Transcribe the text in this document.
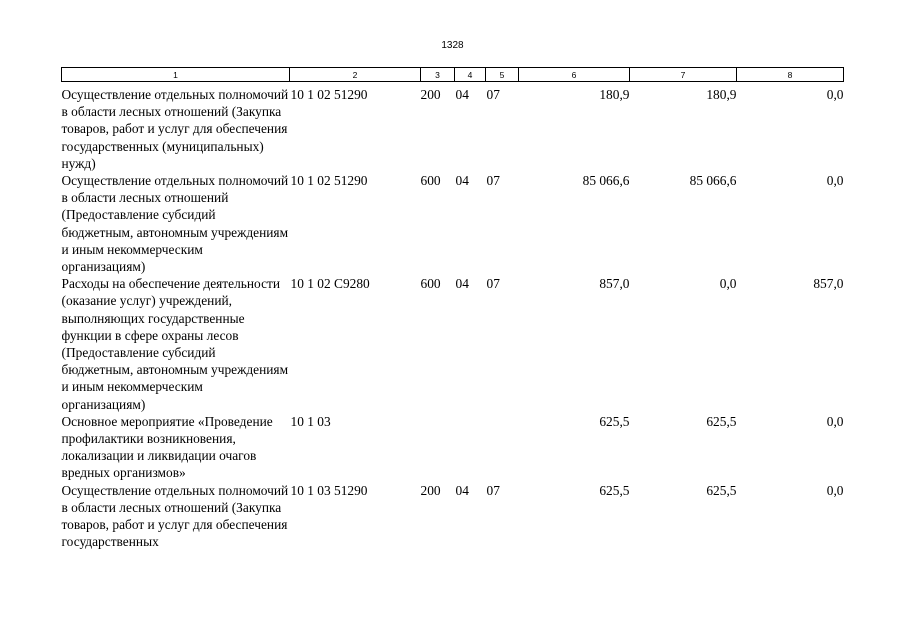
1328
1	2	3	4	5	6	7	8
Осуществление отдельных полномочий в области лесных отношений (Закупка товаров, работ и услуг для обеспечения государственных (муниципальных) нужд)	10 1 02 51290	200	04	07	180,9	180,9	0,0
Осуществление отдельных полномочий в области лесных отношений (Предоставление субсидий бюджетным, автономным учреждениям и иным некоммерческим организациям)	10 1 02 51290	600	04	07	85 066,6	85 066,6	0,0
Расходы на обеспечение деятельности (оказание услуг) учреждений, выполняющих государственные функции в сфере охраны лесов (Предоставление субсидий бюджетным, автономным учреждениям и иным некоммерческим организациям)	10 1 02 С9280	600	04	07	857,0	0,0	857,0
Основное мероприятие «Проведение профилактики возникновения, локализации и ликвидации очагов вредных организмов»	10 1 03				625,5	625,5	0,0
Осуществление отдельных полномочий в области лесных отношений (Закупка товаров, работ и услуг для обеспечения государственных	10 1 03 51290	200	04	07	625,5	625,5	0,0
